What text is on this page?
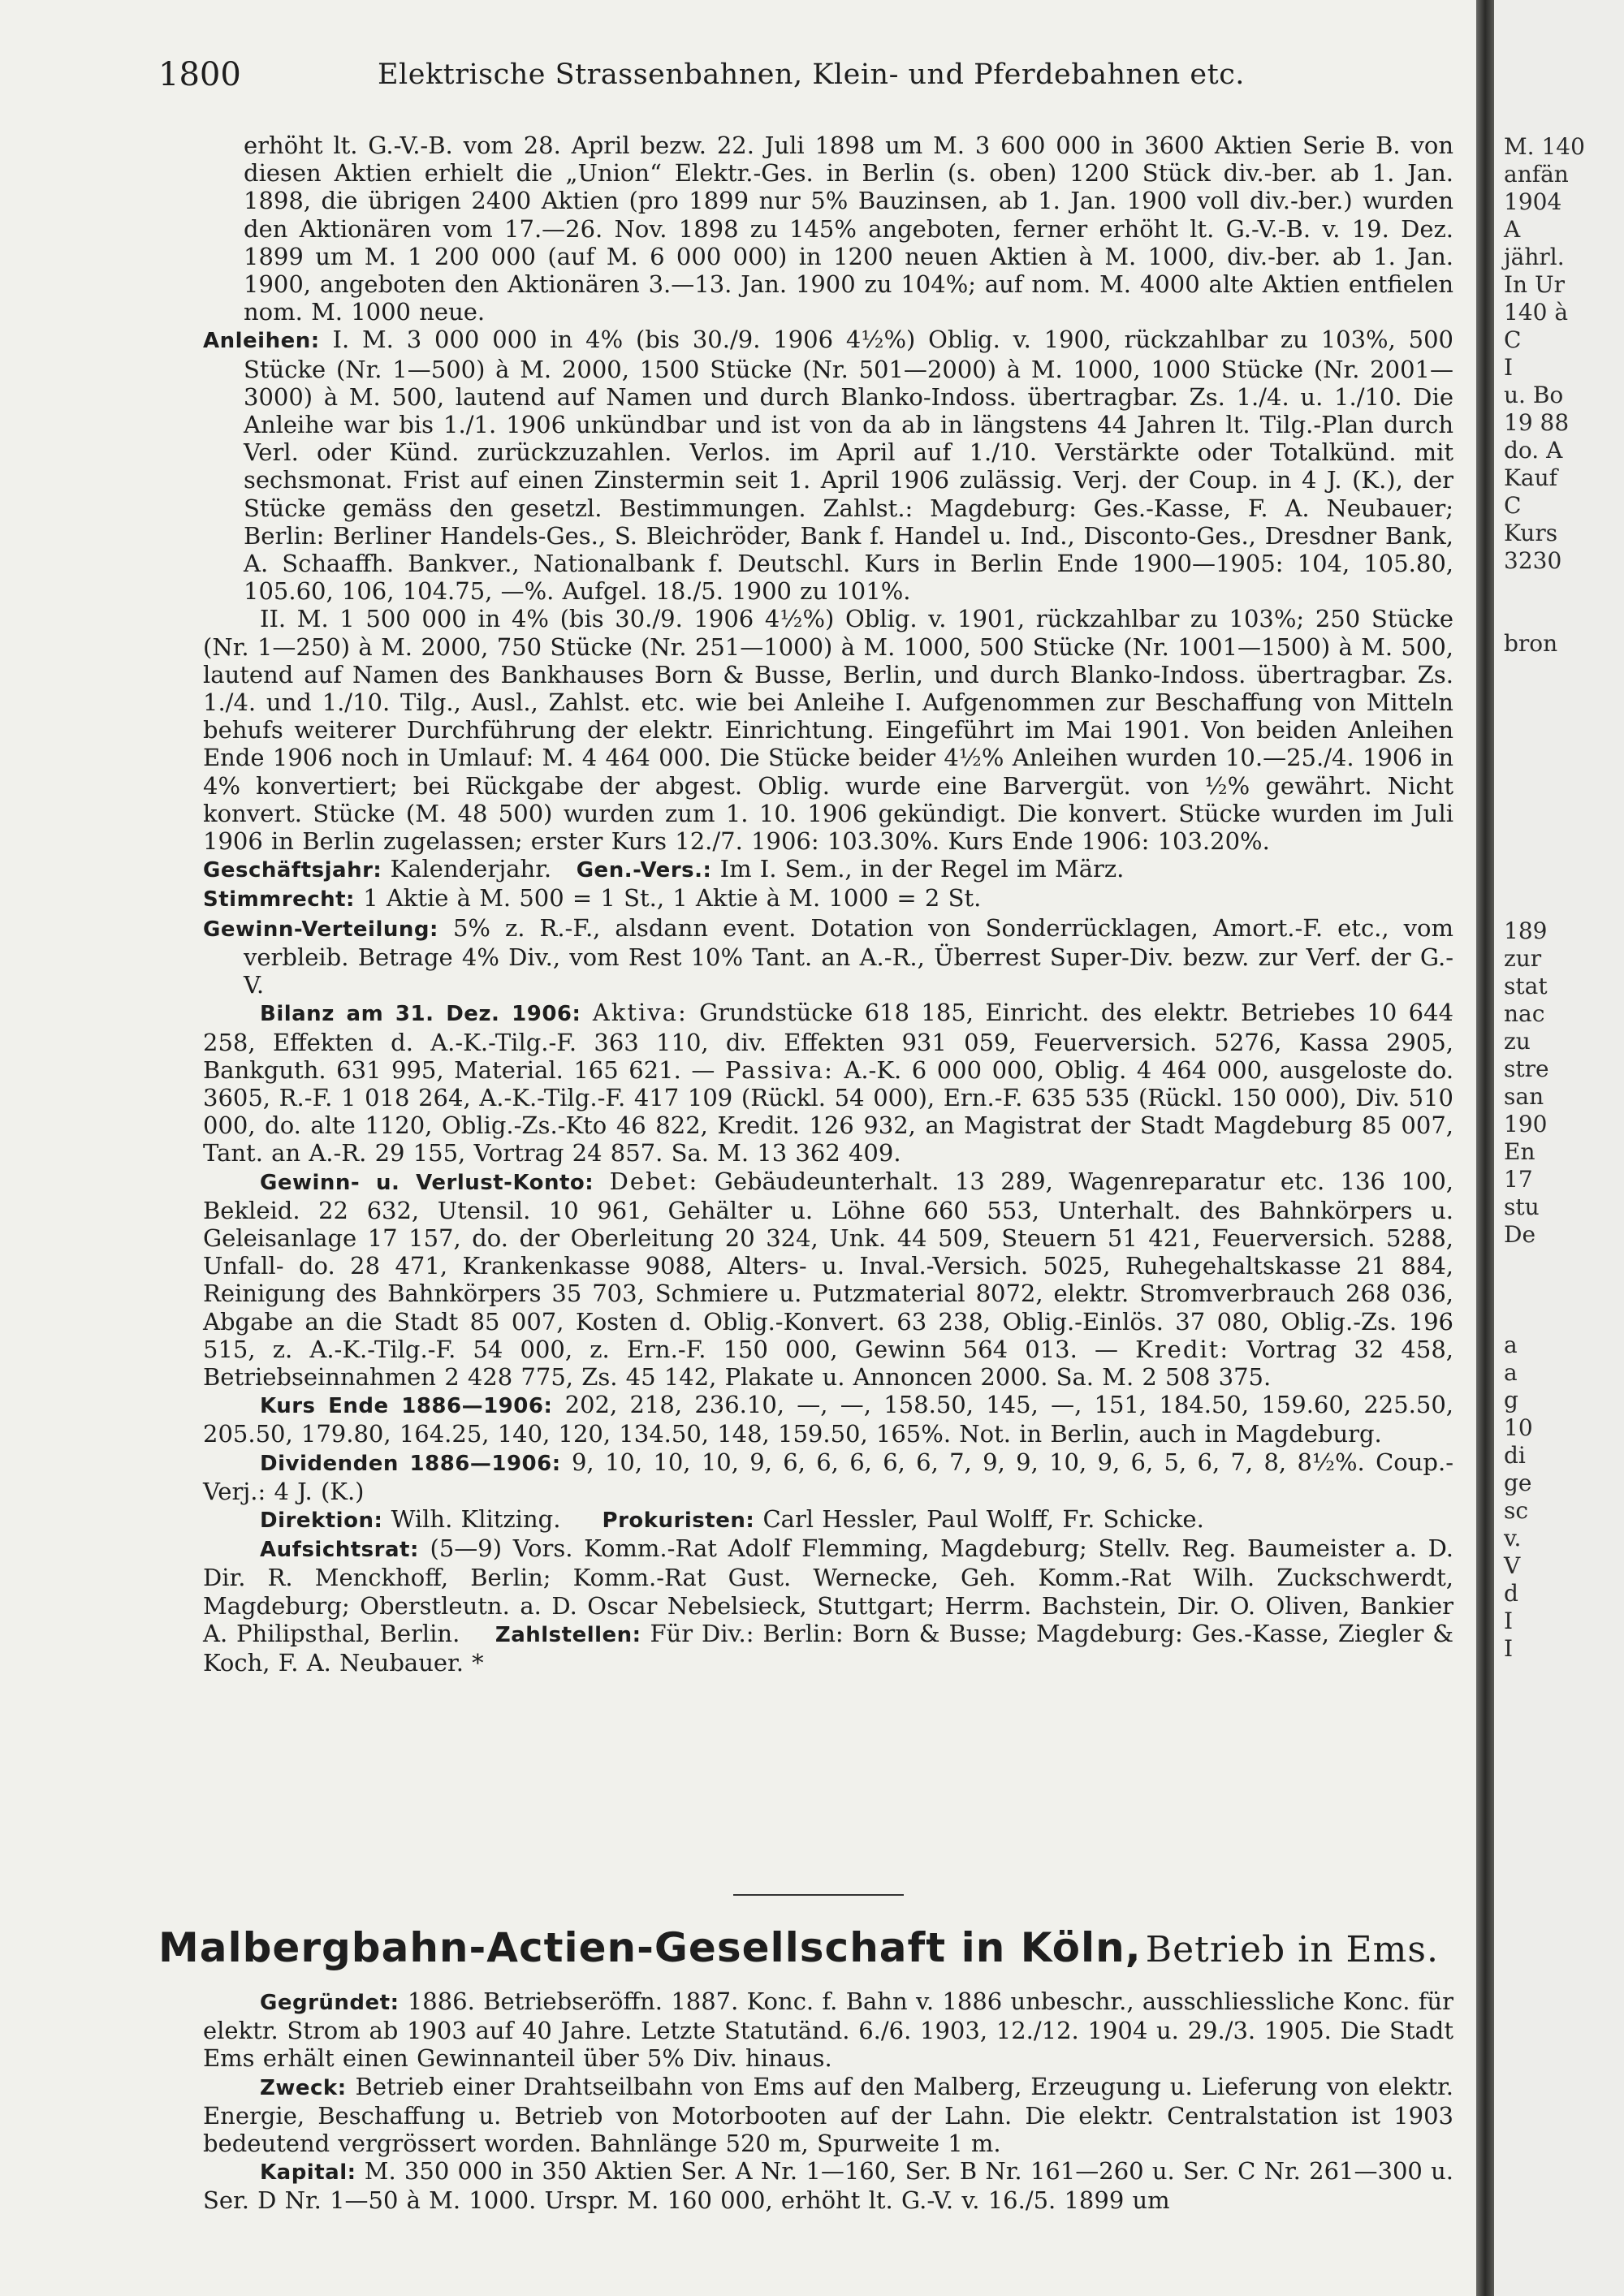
1800	Elektrische Strassenbahnen, Klein- und Pferdebahnen etc.

erhöht lt. G.-V.-B. vom 28. April bezw. 22. Juli 1898 um M. 3 600 000 in 3600 Aktien Serie B. von diesen Aktien erhielt die „Union“ Elektr.-Ges. in Berlin (s. oben) 1200 Stück div.-ber. ab 1. Jan. 1898, die übrigen 2400 Aktien (pro 1899 nur 5% Bauzinsen, ab 1. Jan. 1900 voll div.-ber.) wurden den Aktionären vom 17.—26. Nov. 1898 zu 145% angeboten, ferner erhöht lt. G.-V.-B. v. 19. Dez. 1899 um M. 1 200 000 (auf M. 6 000 000) in 1200 neuen Aktien à M. 1000, div.-ber. ab 1. Jan. 1900, angeboten den Aktionären 3.—13. Jan. 1900 zu 104%; auf nom. M. 4000 alte Aktien entfielen nom. M. 1000 neue.

Anleihen: I. M. 3 000 000 in 4% (bis 30./9. 1906 4½%) Oblig. v. 1900, rückzahlbar zu 103%, 500 Stücke (Nr. 1—500) à M. 2000, 1500 Stücke (Nr. 501—2000) à M. 1000, 1000 Stücke (Nr. 2001—3000) à M. 500, lautend auf Namen und durch Blanko-Indoss. übertragbar. Zs. 1./4. u. 1./10. Die Anleihe war bis 1./1. 1906 unkündbar und ist von da ab in längstens 44 Jahren lt. Tilg.-Plan durch Verl. oder Künd. zurückzuzahlen. Verlos. im April auf 1./10. Verstärkte oder Totalkünd. mit sechsmonat. Frist auf einen Zinstermin seit 1. April 1906 zulässig. Verj. der Coup. in 4 J. (K.), der Stücke gemäss den gesetzl. Bestimmungen. Zahlst.: Magdeburg: Ges.-Kasse, F. A. Neubauer; Berlin: Berliner Handels-Ges., S. Bleichröder, Bank f. Handel u. Ind., Disconto-Ges., Dresdner Bank, A. Schaaffh. Bankver., Nationalbank f. Deutschl. Kurs in Berlin Ende 1900—1905: 104, 105.80, 105.60, 106, 104.75, —%. Aufgel. 18./5. 1900 zu 101%.

II. M. 1 500 000 in 4% (bis 30./9. 1906 4½%) Oblig. v. 1901, rückzahlbar zu 103%; 250 Stücke (Nr. 1—250) à M. 2000, 750 Stücke (Nr. 251—1000) à M. 1000, 500 Stücke (Nr. 1001—1500) à M. 500, lautend auf Namen des Bankhauses Born & Busse, Berlin, und durch Blanko-Indoss. übertragbar. Zs. 1./4. und 1./10. Tilg., Ausl., Zahlst. etc. wie bei Anleihe I. Aufgenommen zur Beschaffung von Mitteln behufs weiterer Durchführung der elektr. Einrichtung. Eingeführt im Mai 1901. Von beiden Anleihen Ende 1906 noch in Umlauf: M. 4 464 000. Die Stücke beider 4½% Anleihen wurden 10.—25./4. 1906 in 4% konvertiert; bei Rückgabe der abgest. Oblig. wurde eine Barvergüt. von ½% gewährt. Nicht konvert. Stücke (M. 48 500) wurden zum 1. 10. 1906 gekündigt. Die konvert. Stücke wurden im Juli 1906 in Berlin zugelassen; erster Kurs 12./7. 1906: 103.30%. Kurs Ende 1906: 103.20%.

Geschäftsjahr: Kalenderjahr. Gen.-Vers.: Im I. Sem., in der Regel im März.

Stimmrecht: 1 Aktie à M. 500 = 1 St., 1 Aktie à M. 1000 = 2 St.

Gewinn-Verteilung: 5% z. R.-F., alsdann event. Dotation von Sonderrücklagen, Amort.-F. etc., vom verbleib. Betrage 4% Div., vom Rest 10% Tant. an A.-R., Überrest Super-Div. bezw. zur Verf. der G.-V.

Bilanz am 31. Dez. 1906: Aktiva: Grundstücke 618 185, Einricht. des elektr. Betriebes 10 644 258, Effekten d. A.-K.-Tilg.-F. 363 110, div. Effekten 931 059, Feuerversich. 5276, Kassa 2905, Bankguth. 631 995, Material. 165 621. — Passiva: A.-K. 6 000 000, Oblig. 4 464 000, ausgeloste do. 3605, R.-F. 1 018 264, A.-K.-Tilg.-F. 417 109 (Rückl. 54 000), Ern.-F. 635 535 (Rückl. 150 000), Div. 510 000, do. alte 1120, Oblig.-Zs.-Kto 46 822, Kredit. 126 932, an Magistrat der Stadt Magdeburg 85 007, Tant. an A.-R. 29 155, Vortrag 24 857. Sa. M. 13 362 409.

Gewinn- u. Verlust-Konto: Debet: Gebäudeunterhalt. 13 289, Wagenreparatur etc. 136 100, Bekleid. 22 632, Utensil. 10 961, Gehälter u. Löhne 660 553, Unterhalt. des Bahnkörpers u. Geleisanlage 17 157, do. der Oberleitung 20 324, Unk. 44 509, Steuern 51 421, Feuerversich. 5288, Unfall- do. 28 471, Krankenkasse 9088, Alters- u. Inval.-Versich. 5025, Ruhegehaltskasse 21 884, Reinigung des Bahnkörpers 35 703, Schmiere u. Putzmaterial 8072, elektr. Stromverbrauch 268 036, Abgabe an die Stadt 85 007, Kosten d. Oblig.-Konvert. 63 238, Oblig.-Einlös. 37 080, Oblig.-Zs. 196 515, z. A.-K.-Tilg.-F. 54 000, z. Ern.-F. 150 000, Gewinn 564 013. — Kredit: Vortrag 32 458, Betriebseinnahmen 2 428 775, Zs. 45 142, Plakate u. Annoncen 2000. Sa. M. 2 508 375.

Kurs Ende 1886—1906: 202, 218, 236.10, —, —, 158.50, 145, —, 151, 184.50, 159.60, 225.50, 205.50, 179.80, 164.25, 140, 120, 134.50, 148, 159.50, 165%. Not. in Berlin, auch in Magdeburg.

Dividenden 1886—1906: 9, 10, 10, 10, 9, 6, 6, 6, 6, 6, 7, 9, 9, 10, 9, 6, 5, 6, 7, 8, 8½%. Coup.-Verj.: 4 J. (K.)

Direktion: Wilh. Klitzing. Prokuristen: Carl Hessler, Paul Wolff, Fr. Schicke.

Aufsichtsrat: (5—9) Vors. Komm.-Rat Adolf Flemming, Magdeburg; Stellv. Reg. Baumeister a. D. Dir. R. Menckhoff, Berlin; Komm.-Rat Gust. Wernecke, Geh. Komm.-Rat Wilh. Zuckschwerdt, Magdeburg; Oberstleutn. a. D. Oscar Nebelsieck, Stuttgart; Herrm. Bachstein, Dir. O. Oliven, Bankier A. Philipsthal, Berlin. Zahlstellen: Für Div.: Berlin: Born & Busse; Magdeburg: Ges.-Kasse, Ziegler & Koch, F. A. Neubauer. *

Malbergbahn-Actien-Gesellschaft in Köln, Betrieb in Ems.

Gegründet: 1886. Betriebseröffn. 1887. Konc. f. Bahn v. 1886 unbeschr., ausschliessliche Konc. für elektr. Strom ab 1903 auf 40 Jahre. Letzte Statutänd. 6./6. 1903, 12./12. 1904 u. 29./3. 1905. Die Stadt Ems erhält einen Gewinnanteil über 5% Div. hinaus.

Zweck: Betrieb einer Drahtseilbahn von Ems auf den Malberg, Erzeugung u. Lieferung von elektr. Energie, Beschaffung u. Betrieb von Motorbooten auf der Lahn. Die elektr. Centralstation ist 1903 bedeutend vergrössert worden. Bahnlänge 520 m, Spurweite 1 m.

Kapital: M. 350 000 in 350 Aktien Ser. A Nr. 1—160, Ser. B Nr. 161—260 u. Ser. C Nr. 261—300 u. Ser. D Nr. 1—50 à M. 1000. Urspr. M. 160 000, erhöht lt. G.-V. v. 16./5. 1899 um

M. 140
anfän
1904
A
jährl.
In Ur
140 à
C
I
u. Bo
19 88
do. A
Kauf
C
Kurs
3230

bron
189
zur
stat
nac
zu
stre
san
190
En
17
stu
De

a
a
g
10
di
ge
sc
v.
V
d
I
I
